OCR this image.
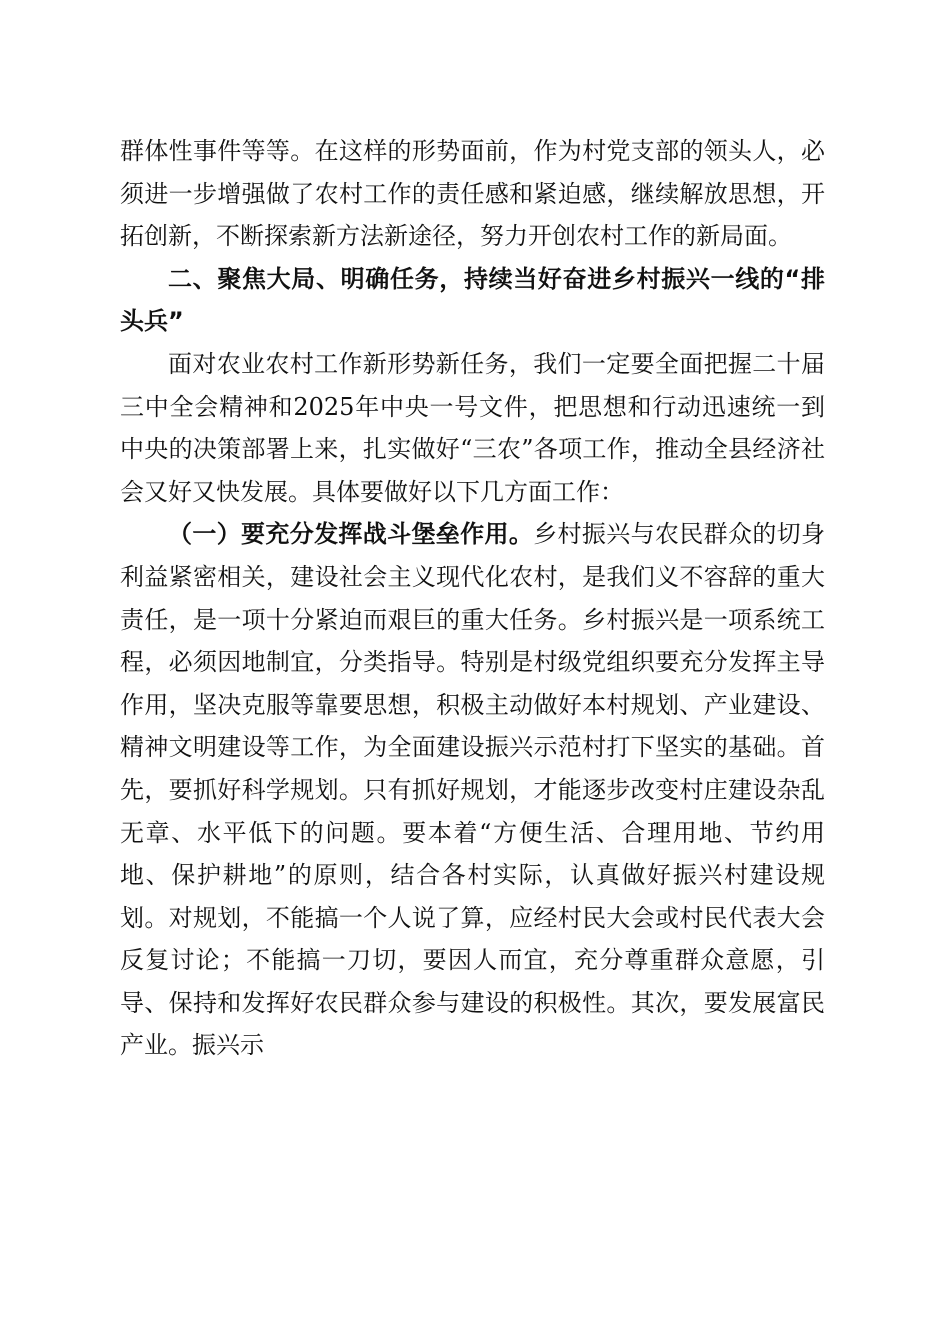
群体性事件等等。在这样的形势面前，作为村党支部的领头人，必须进一步增强做了农村工作的责任感和紧迫感，继续解放思想，开拓创新，不断探索新方法新途径，努力开创农村工作的新局面。

二、聚焦大局、明确任务，持续当好奋进乡村振兴一线的“排头兵”

面对农业农村工作新形势新任务，我们一定要全面把握二十届三中全会精神和2025年中央一号文件，把思想和行动迅速统一到中央的决策部署上来，扎实做好“三农”各项工作，推动全县经济社会又好又快发展。具体要做好以下几方面工作：

（一）要充分发挥战斗堡垒作用。乡村振兴与农民群众的切身利益紧密相关，建设社会主义现代化农村，是我们义不容辞的重大责任，是一项十分紧迫而艰巨的重大任务。乡村振兴是一项系统工程，必须因地制宜，分类指导。特别是村级党组织要充分发挥主导作用，坚决克服等靠要思想，积极主动做好本村规划、产业建设、精神文明建设等工作，为全面建设振兴示范村打下坚实的基础。首先，要抓好科学规划。只有抓好规划，才能逐步改变村庄建设杂乱无章、水平低下的问题。要本着“方便生活、合理用地、节约用地、保护耕地”的原则，结合各村实际，认真做好振兴村建设规划。对规划，不能搞一个人说了算，应经村民大会或村民代表大会反复讨论；不能搞一刀切，要因人而宜，充分尊重群众意愿，引导、保持和发挥好农民群众参与建设的积极性。其次，要发展富民产业。振兴示
